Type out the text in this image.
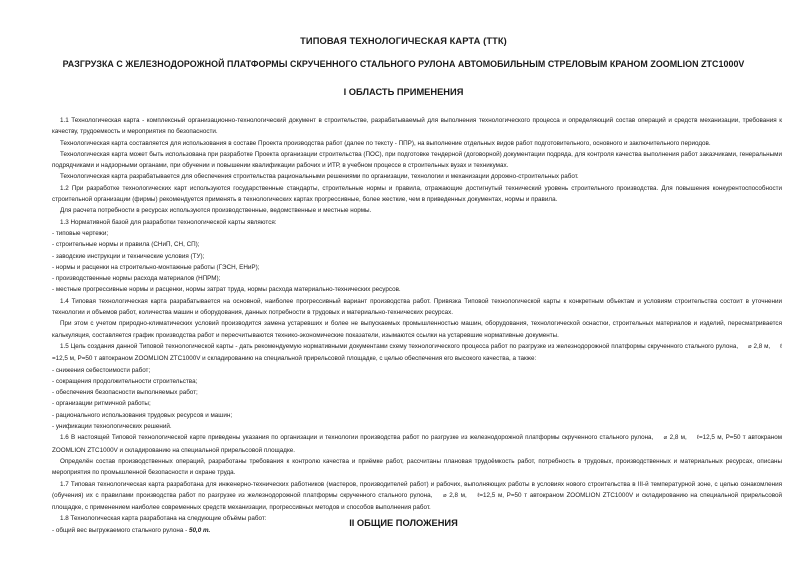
ТИПОВАЯ ТЕХНОЛОГИЧЕСКАЯ КАРТА (ТТК)
РАЗГРУЗКА С ЖЕЛЕЗНОДОРОЖНОЙ ПЛАТФОРМЫ СКРУЧЕННОГО СТАЛЬНОГО РУЛОНА АВТОМОБИЛЬНЫМ СТРЕЛОВЫМ КРАНОМ ZOOMLION ZTC1000V
I ОБЛАСТЬ ПРИМЕНЕНИЯ

1.1 Технологическая карта - комплексный организационно-технологический документ в строительстве, разрабатываемый для выполнения технологического процесса и определяющий состав операций и средств механизации, требования к качеству, трудоемкость и мероприятия по безопасности.

Технологическая карта составляется для использования в составе Проекта производства работ (далее по тексту - ППР), на выполнение отдельных видов работ подготовительного, основного и заключительного периодов.

Технологическая карта может быть использована при разработке Проекта организации строительства (ПОС), при подготовке тендерной (договорной) документации подряда, для контроля качества выполнения работ заказчиками, генеральными подрядчиками и надзорными органами, при обучении и повышении квалификации рабочих и ИТР, в учебном процессе в строительных вузах и техникумах.

Технологическая карта разрабатывается для обеспечения строительства рациональными решениями по организации, технологии и механизации дорожно-строительных работ.

1.2 При разработке технологических карт используются государственные стандарты, строительные нормы и правила, отражающие достигнутый технический уровень строительного производства. Для повышения конкурентоспособности строительной организации (фирмы) рекомендуется применять в технологических картах прогрессивные, более жесткие, чем в приведенных документах, нормы и правила.

Для расчета потребности в ресурсах используются производственные, ведомственные и местные нормы.

1.3 Нормативной базой для разработки технологической карты являются:

- типовые чертежи;

- строительные нормы и правила (СНиП, СН, СП);

- заводские инструкции и технические условия (ТУ);

- нормы и расценки на строительно-монтажные работы (ГЭСН, ЕНиР);

- производственные нормы расхода материалов (НПРМ);

- местные прогрессивные нормы и расценки, нормы затрат труда, нормы расхода материально-технических ресурсов.

1.4 Типовая технологическая карта разрабатывается на основной, наиболее прогрессивный вариант производства работ. Привязка Типовой технологической карты к конкретным объектам и условиям строительства состоит в уточнении технологии и объемов работ, количества машин и оборудования, данных потребности в трудовых и материально-технических ресурсах.

При этом с учетом природно-климатических условий производится замена устаревших и более не выпускаемых промышленностью машин, оборудования, технологической оснастки, строительных материалов и изделий, пересматривается калькуляция, составляется график производства работ и пересчитываются технико-экономические показатели, изымаются ссылки на устаревшие нормативные документы.

1.5 Цель создания данной Типовой технологической карты - дать рекомендуемую нормативными документами схему технологического процесса работ по разгрузке из железнодорожной платформы скрученного стального рулона, ⌀ 2,8 м, ℓ=12,5 м, Р=50 т автокраном ZOOMLION ZTC1000V и складированию на специальной прирельсовой площадке, с целью обеспечения его высокого качества, а также:

- снижения себестоимости работ;

- сокращения продолжительности строительства;

- обеспечения безопасности выполняемых работ;

- организации ритмичной работы;

- рационального использования трудовых ресурсов и машин;

- унификации технологических решений.

1.6 В настоящей Типовой технологической карте приведены указания по организации и технологии производства работ по разгрузке из железнодорожной платформы скрученного стального рулона, ⌀ 2,8 м, ℓ=12,5 м, Р=50 т автокраном ZOOMLION ZTC1000V и складированию на специальной прирельсовой площадке.

Определён состав производственных операций, разработаны требования к контролю качества и приёмке работ, рассчитаны плановая трудоёмкость работ, потребность в трудовых, производственных и материальных ресурсах, описаны мероприятия по промышленной безопасности и охране труда.

1.7 Типовая технологическая карта разработана для инженерно-технических работников (мастеров, производителей работ) и рабочих, выполняющих работы в условиях нового строительства в III-й температурной зоне, с целью ознакомления (обучения) их с правилами производства работ по разгрузке из железнодорожной платформы скрученного стального рулона, ⌀ 2,8 м, ℓ=12,5 м, Р=50 т автокраном ZOOMLION ZTC1000V и складированию на специальной прирельсовой площадке, с применением наиболее современных средств механизации, прогрессивных методов и способов выполнения работ.

1.8 Технологическая карта разработана на следующие объёмы работ:

- общий вес выгружаемого стального рулона - 50,0 т.

II ОБЩИЕ ПОЛОЖЕНИЯ
